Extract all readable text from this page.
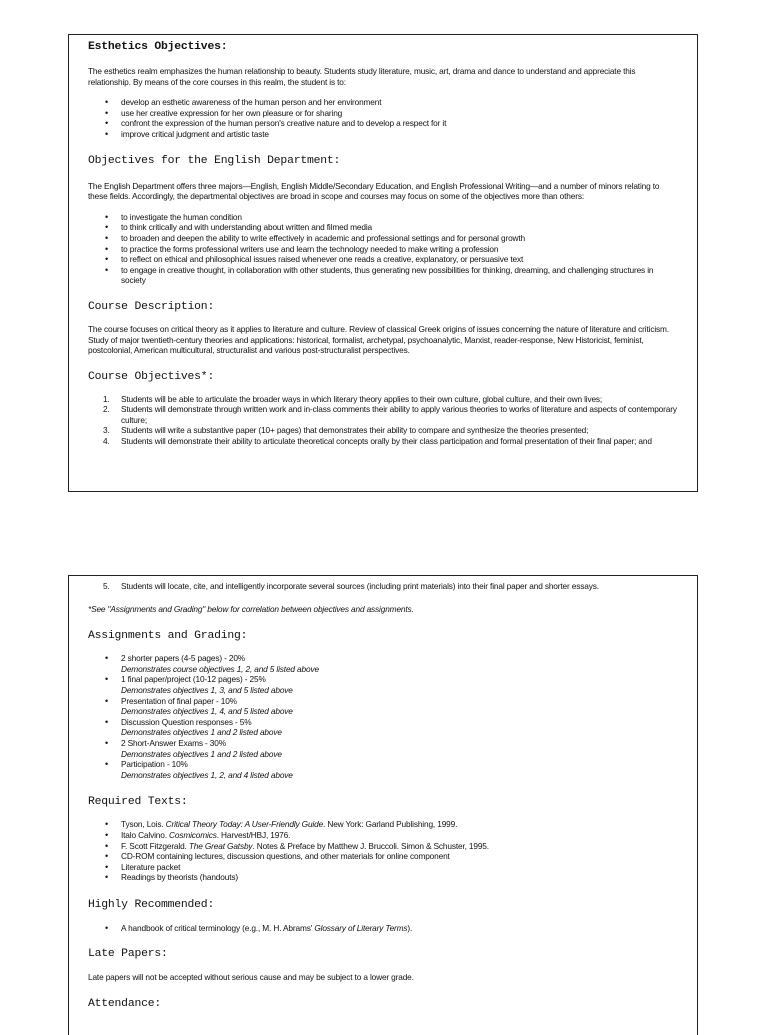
Esthetics Objectives:

The esthetics realm emphasizes the human relationship to beauty. Students study literature, music, art, drama and dance to understand and appreciate this relationship. By means of the core courses in this realm, the student is to:

• develop an esthetic awareness of the human person and her environment
• use her creative expression for her own pleasure or for sharing
• confront the expression of the human person's creative nature and to develop a respect for it
• improve critical judgment and artistic taste
Objectives for the English Department:

The English Department offers three majors—English, English Middle/Secondary Education, and English Professional Writing—and a number of minors relating to these fields. Accordingly, the departmental objectives are broad in scope and courses may focus on some of the objectives more than others:

• to investigate the human condition
• to think critically and with understanding about written and filmed media
• to broaden and deepen the ability to write effectively in academic and professional settings and for personal growth
• to practice the forms professional writers use and learn the technology needed to make writing a profession
• to reflect on ethical and philosophical issues raised whenever one reads a creative, explanatory, or persuasive text
• to engage in creative thought, in collaboration with other students, thus generating new possibilities for thinking, dreaming, and challenging structures in society
Course Description:

The course focuses on critical theory as it applies to literature and culture. Review of classical Greek origins of issues concerning the nature of literature and criticism. Study of major twentieth-century theories and applications: historical, formalist, archetypal, psychoanalytic, Marxist, reader-response, New Historicist, feminist, postcolonial, American multicultural, structuralist and various post-structuralist perspectives.

Course Objectives*:
1. Students will be able to articulate the broader ways in which literary theory applies to their own culture, global culture, and their own lives;
2. Students will demonstrate through written work and in-class comments their ability to apply various theories to works of literature and aspects of contemporary culture;
3. Students will write a substantive paper (10+ pages) that demonstrates their ability to compare and synthesize the theories presented;
4. Students will demonstrate their ability to articulate theoretical concepts orally by their class participation and formal presentation of their final paper; and
5. Students will locate, cite, and intelligently incorporate several sources (including print materials) into their final paper and shorter essays.

*See "Assignments and Grading" below for correlation between objectives and assignments.

Assignments and Grading:
• 2 shorter papers (4-5 pages) - 20%
Demonstrates course objectives 1, 2, and 5 listed above
• 1 final paper/project (10-12 pages) - 25%
Demonstrates objectives 1, 3, and 5 listed above
• Presentation of final paper - 10%
Demonstrates objectives 1, 4, and 5 listed above
• Discussion Question responses - 5%
Demonstrates objectives 1 and 2 listed above
• 2 Short-Answer Exams - 30%
Demonstrates objectives 1 and 2 listed above
• Participation - 10%
Demonstrates objectives 1, 2, and 4 listed above
Required Texts:
• Tyson, Lois. Critical Theory Today: A User-Friendly Guide. New York: Garland Publishing, 1999.
• Italo Calvino. Cosmicomics. Harvest/HBJ, 1976.
• F. Scott Fitzgerald. The Great Gatsby. Notes & Preface by Matthew J. Bruccoli. Simon & Schuster, 1995.
• CD-ROM containing lectures, discussion questions, and other materials for online component
• Literature packet
• Readings by theorists (handouts)
Highly Recommended:
• A handbook of critical terminology (e.g., M. H. Abrams' Glossary of Literary Terms).
Late Papers:

Late papers will not be accepted without serious cause and may be subject to a lower grade.

Attendance:
